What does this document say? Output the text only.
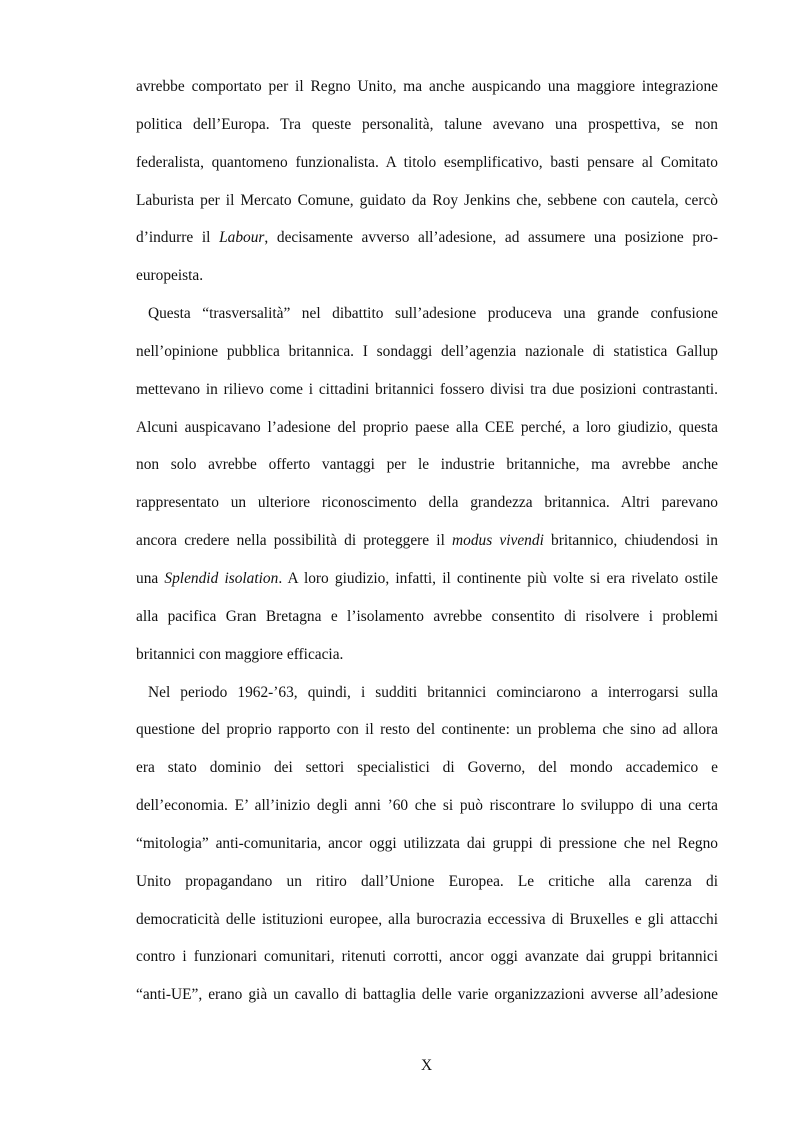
avrebbe comportato per il Regno Unito, ma anche auspicando una maggiore integrazione
politica dell’Europa. Tra queste personalità, talune avevano una prospettiva, se non
federalista, quantomeno funzionalista. A titolo esemplificativo, basti pensare al Comitato
Laburista per il Mercato Comune, guidato da Roy Jenkins che, sebbene con cautela, cercò
d’indurre il Labour, decisamente avverso all’adesione, ad assumere una posizione pro-
europeista.
Questa “trasversalità” nel dibattito sull’adesione produceva una grande confusione
nell’opinione pubblica britannica. I sondaggi dell’agenzia nazionale di statistica Gallup
mettevano in rilievo come i cittadini britannici fossero divisi tra due posizioni contrastanti.
Alcuni auspicavano l’adesione del proprio paese alla CEE perché, a loro giudizio, questa
non solo avrebbe offerto vantaggi per le industrie britanniche, ma avrebbe anche
rappresentato un ulteriore riconoscimento della grandezza britannica. Altri parevano
ancora credere nella possibilità di proteggere il modus vivendi britannico, chiudendosi in
una Splendid isolation. A loro giudizio, infatti, il continente più volte si era rivelato ostile
alla pacifica Gran Bretagna e l’isolamento avrebbe consentito di risolvere i problemi
britannici con maggiore efficacia.
Nel periodo 1962-’63, quindi, i sudditi britannici cominciarono a interrogarsi sulla
questione del proprio rapporto con il resto del continente: un problema che sino ad allora
era stato dominio dei settori specialistici di Governo, del mondo accademico e
dell’economia. E’ all’inizio degli anni ’60 che si può riscontrare lo sviluppo di una certa
“mitologia” anti-comunitaria, ancor oggi utilizzata dai gruppi di pressione che nel Regno
Unito propagandano un ritiro dall’Unione Europea. Le critiche alla carenza di
democraticità delle istituzioni europee, alla burocrazia eccessiva di Bruxelles e gli attacchi
contro i funzionari comunitari, ritenuti corrotti, ancor oggi avanzate dai gruppi britannici
“anti-UE”, erano già un cavallo di battaglia delle varie organizzazioni avverse all’adesione
X
